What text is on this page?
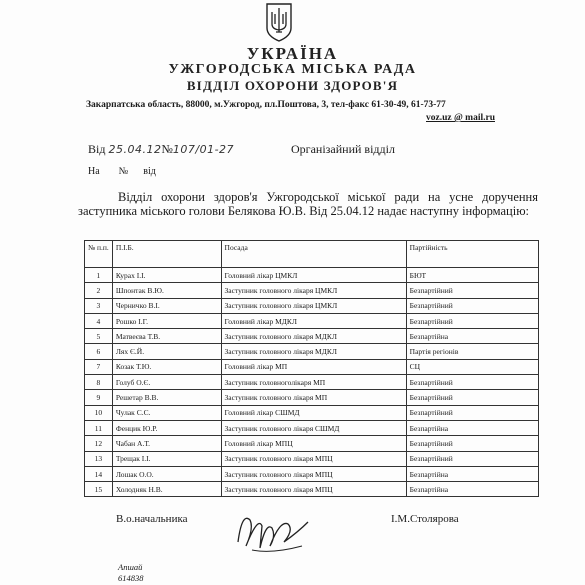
УКРАЇНА
УЖГОРОДСЬКА МІСЬКА РАДА
ВІДДІЛ ОХОРОНИ ЗДОРОВ'Я
Закарпатська область, 88000, м.Ужгород, пл.Поштова, 3, тел-факс 61-30-49, 61-73-77
voz.uz @ mail.ru
Від 25.04.12№107/01-27	Організайний відділ
На № від
Відділ охорони здоров'я Ужгородської міської ради на усне доручення заступника міського голови Белякова Ю.В. Від 25.04.12 надає наступну інформацію:
№ п.п.	П.І.Б.	Посада	Партійність
1	Курах І.І.	Головний лікар ЦМКЛ	БЮТ
2	Шпонтак В.Ю.	Заступник головного лікаря ЦМКЛ	Безпартійний
3	Черничко В.І.	Заступник головного лікаря ЦМКЛ	Безпартійний
4	Рошко І.Г.	Головний лікар МДКЛ	Безпартійний
5	Матвеєва Т.В.	Заступник головного лікаря МДКЛ	Безпартійна
6	Лях Є.Й.	Заступник головного лікаря МДКЛ	Партія регіонів
7	Козак Т.Ю.	Головний лікар МП	СЦ
8	Голуб О.Є.	Заступник головноголікаря МП	Безпартійний
9	Решетар В.В.	Заступник головного лікаря МП	Безпартійний
10	Чулак С.С.	Головний лікар СШМД	Безпартійний
11	Фенцик Ю.Р.	Заступник головного лікаря СШМД	Безпартійна
12	Чабан А.Т.	Головний лікар МПЦ	Безпартійний
13	Трещак І.І.	Заступник головного лікаря МПЦ	Безпартійний
14	Лошак О.О.	Заступник головного лікаря МПЦ	Безпартійна
15	Холодняк Н.В.	Заступник головного лікаря МПЦ	Безпартійна
В.о.начальника	І.М.Столярова
Апшай
614838
